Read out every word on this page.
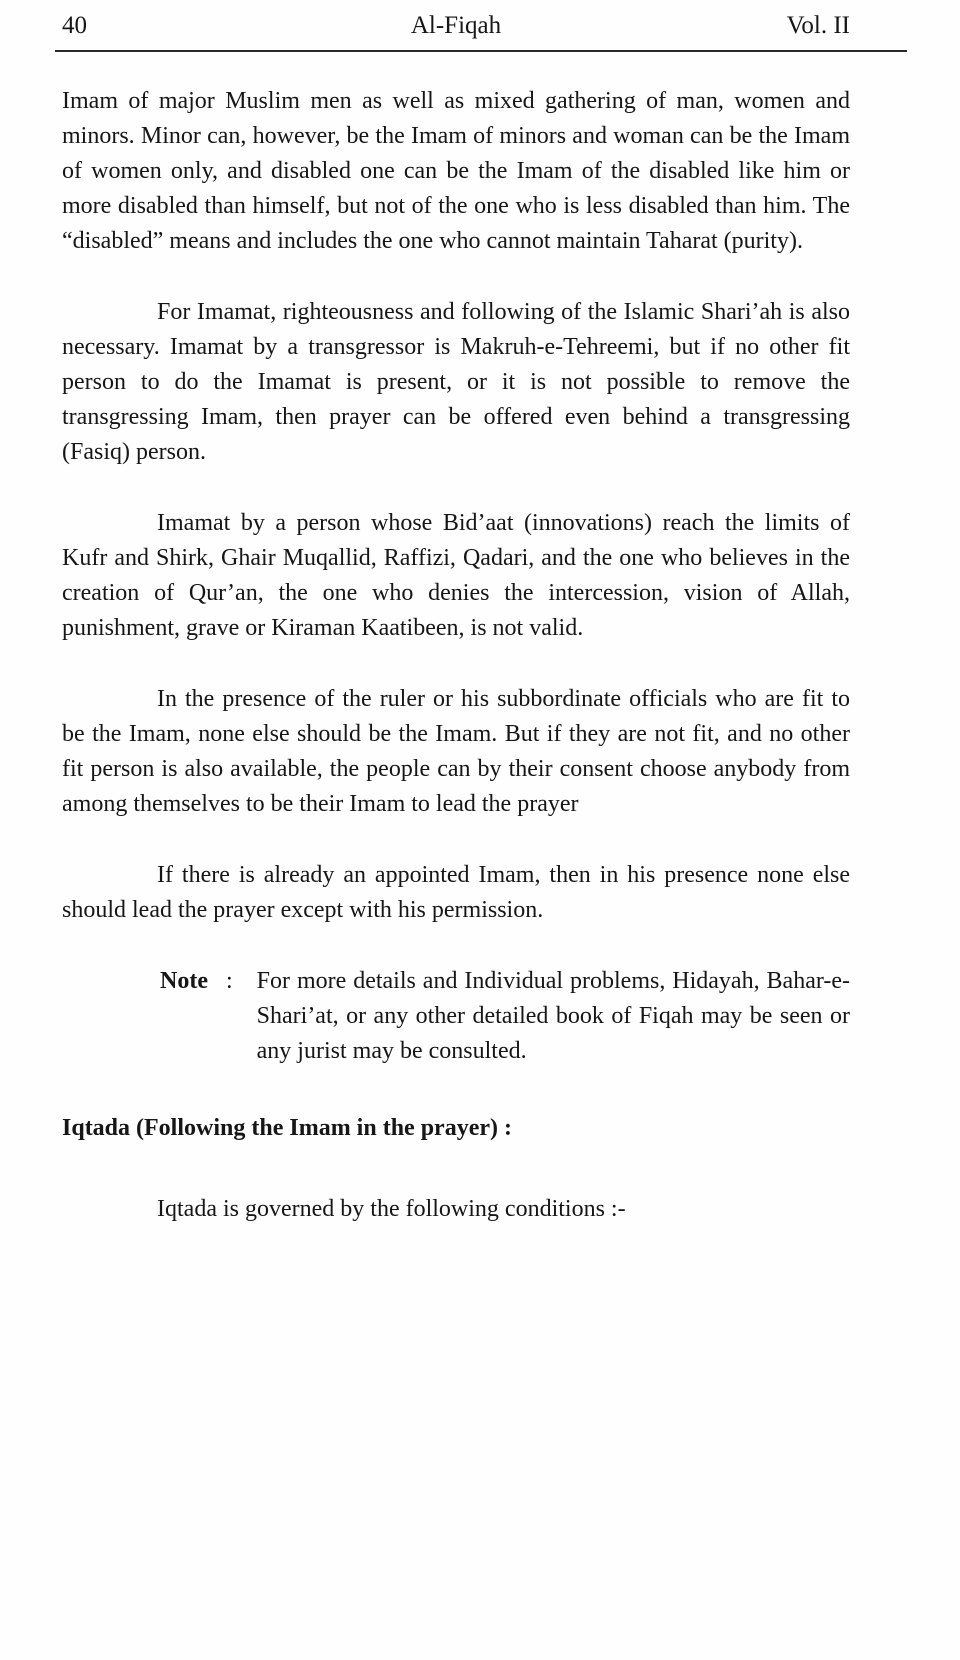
40	Al-Fiqah	Vol. II

Imam of major Muslim men as well as mixed gathering of man, women and minors. Minor can, however, be the Imam of minors and woman can be the Imam of women only, and disabled one can be the Imam of the disabled like him or more disabled than himself, but not of the one who is less disabled than him. The “disabled” means and includes the one who cannot maintain Taharat (purity).

For Imamat, righteousness and following of the Islamic Shari’ah is also necessary. Imamat by a transgressor is Makruh-e-Tehreemi, but if no other fit person to do the Imamat is present, or it is not possible to remove the transgressing Imam, then prayer can be offered even behind a transgressing (Fasiq) person.

Imamat by a person whose Bid’aat (innovations) reach the limits of Kufr and Shirk, Ghair Muqallid, Raffizi, Qadari, and the one who believes in the creation of Qur’an, the one who denies the intercession, vision of Allah, punishment, grave or Kiraman Kaatibeen, is not valid.

In the presence of the ruler or his subbordinate officials who are fit to be the Imam, none else should be the Imam. But if they are not fit, and no other fit person is also available, the people can by their consent choose anybody from among themselves to be their Imam to lead the prayer

If there is already an appointed Imam, then in his presence none else should lead the prayer except with his permission.

Note :	For more details and Individual problems, Hidayah, Bahar-e-Shari’at, or any other detailed book of Fiqah may be seen or any jurist may be consulted.
Iqtada (Following the Imam in the prayer) :

Iqtada is governed by the following conditions :-
